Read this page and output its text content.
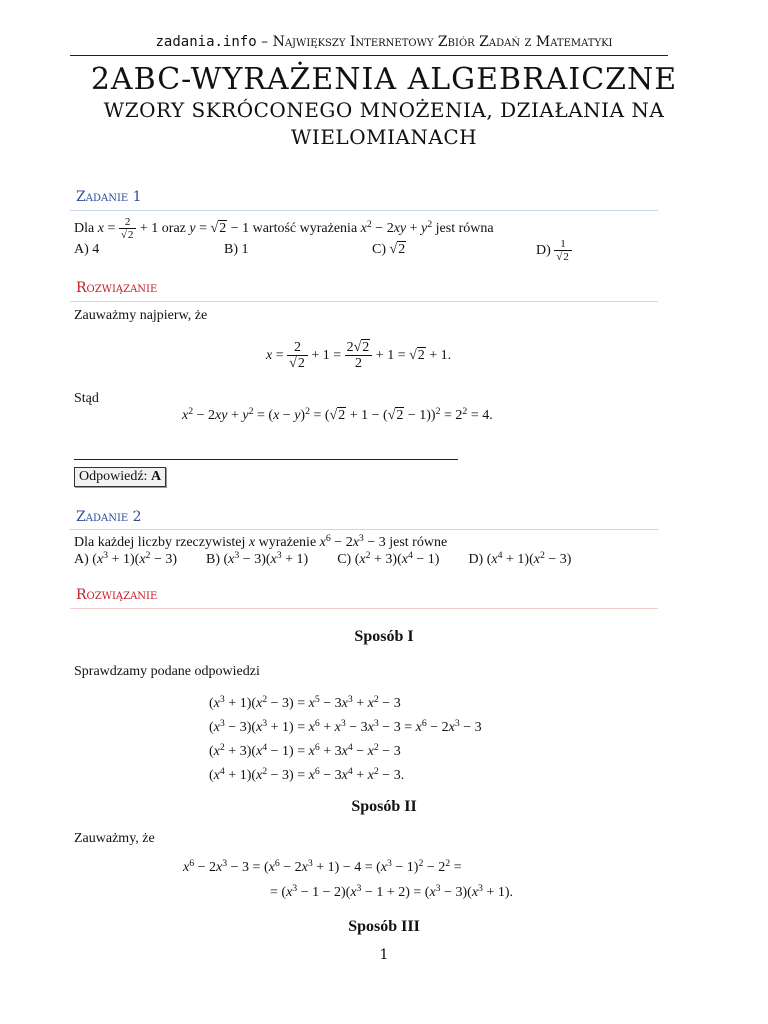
zadania.info – Największy Internetowy Zbiór Zadań z Matematyki
2ABC-WYRAŻENIA ALGEBRAICZNE
WZORY SKRÓCONEGO MNOŻENIA, DZIAŁANIA NA
WIELOMIANACH
Zadanie 1
Dla $x = \frac{2}{√2} + 1$ oraz y = √2 − 1 wartość wyrażenia $x^2 - 2xy + y^2$ jest równa
A) 4	B) 1	C) √2	$D) \frac{1}{√2}$
Rozwiązanie
Zauważmy najpierw, że
$x = \frac{2}{√2} + 1 = \frac{2√2}{2} + 1 = √2 + 1$.
Stąd
$x^2 - 2xy + y^2 = (x - y)^2 = (√2 + 1 - (√2 - 1))^2 = 2^2 = 4$.
Odpowiedź: A
Zadanie 2
Dla każdej liczby rzeczywistej x wyrażenie $x^6 - 2x^3 - 3$ jest równe
A) $(x^3 + 1)(x^2 - 3)$ B) $(x^3 - 3)(x^3 + 1)$ C) $(x^2 + 3)(x^4 - 1)$ D) $(x^4 + 1)(x^2 - 3)$
Rozwiązanie
Sposób I
Sprawdzamy podane odpowiedzi
$(x^3 + 1)(x^2 - 3) = x^5 - 3x^3 + x^2 - 3$
$(x^3 - 3)(x^3 + 1) = x^6 + x^3 - 3x^3 - 3 = x^6 - 2x^3 - 3$
$(x^2 + 3)(x^4 - 1) = x^6 + 3x^4 - x^2 - 3$
$(x^4 + 1)(x^2 - 3) = x^6 - 3x^4 + x^2 - 3$.
Sposób II
Zauważmy, że
$x^6 - 2x^3 - 3 = (x^6 - 2x^3 + 1) - 4 = (x^3 - 1)^2 - 2^2$ =
= $(x^3 - 1 - 2)(x^3 - 1 + 2) = (x^3 - 3)(x^3 + 1)$.
Sposób III
1
